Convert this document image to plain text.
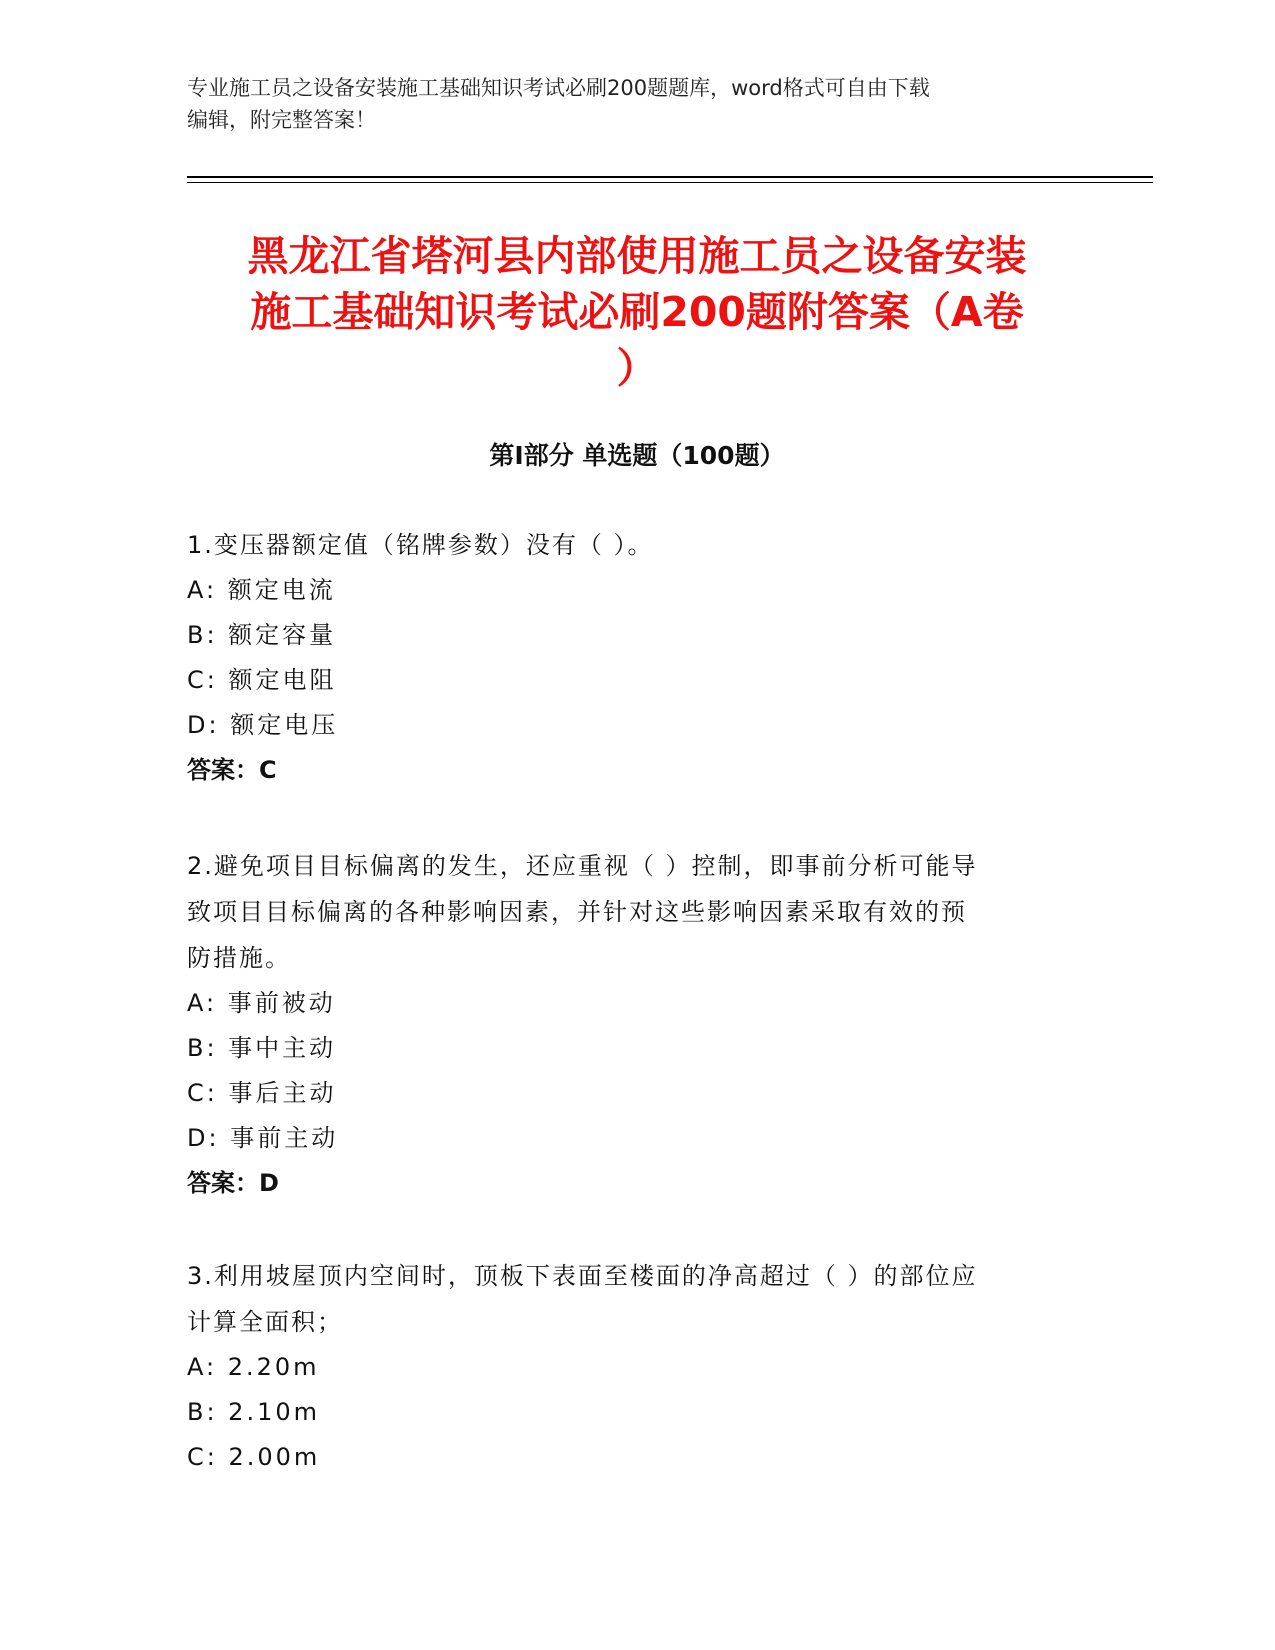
专业施工员之设备安装施工基础知识考试必刷200题题库，word格式可自由下载
编辑，附完整答案！
黑龙江省塔河县内部使用施工员之设备安装
施工基础知识考试必刷200题附答案（A卷
）
第Ⅰ部分 单选题（100题）
1.变压器额定值（铭牌参数）没有（ ）。
A: 额定电流
B: 额定容量
C: 额定电阻
D: 额定电压
答案：C
2.避免项目目标偏离的发生，还应重视（ ）控制，即事前分析可能导
致项目目标偏离的各种影响因素，并针对这些影响因素采取有效的预
防措施。
A: 事前被动
B: 事中主动
C: 事后主动
D: 事前主动
答案：D
3.利用坡屋顶内空间时，顶板下表面至楼面的净高超过（ ）的部位应
计算全面积；
A: 2.20m
B: 2.10m
C: 2.00m
